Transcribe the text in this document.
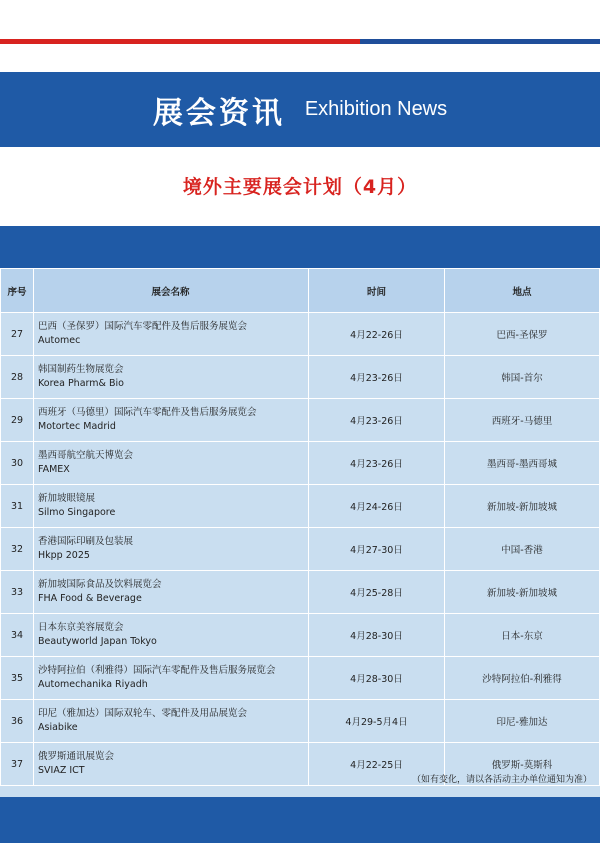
展会资讯 Exhibition News
境外主要展会计划（4月）
序号	展会名称	时间	地点
27	巴西（圣保罗）国际汽车零配件及售后服务展览会
Automec	4月22-26日	巴西-圣保罗
28	韩国制药生物展览会
Korea Pharm& Bio	4月23-26日	韩国-首尔
29	西班牙（马德里）国际汽车零配件及售后服务展览会
Motortec Madrid	4月23-26日	西班牙-马德里
30	墨西哥航空航天博览会
FAMEX	4月23-26日	墨西哥-墨西哥城
31	新加坡眼镜展
Silmo Singapore	4月24-26日	新加坡-新加坡城
32	香港国际印刷及包装展
Hkpp 2025	4月27-30日	中国-香港
33	新加坡国际食品及饮料展览会
FHA Food & Beverage	4月25-28日	新加坡-新加坡城
34	日本东京美容展览会
Beautyworld Japan Tokyo	4月28-30日	日本-东京
35	沙特阿拉伯（利雅得）国际汽车零配件及售后服务展览会
Automechanika Riyadh	4月28-30日	沙特阿拉伯-利雅得
36	印尼（雅加达）国际双轮车、零配件及用品展览会
Asiabike	4月29-5月4日	印尼-雅加达
37	俄罗斯通讯展览会
SVIAZ ICT	4月22-25日	俄罗斯-莫斯科
（如有变化，请以各活动主办单位通知为准）
